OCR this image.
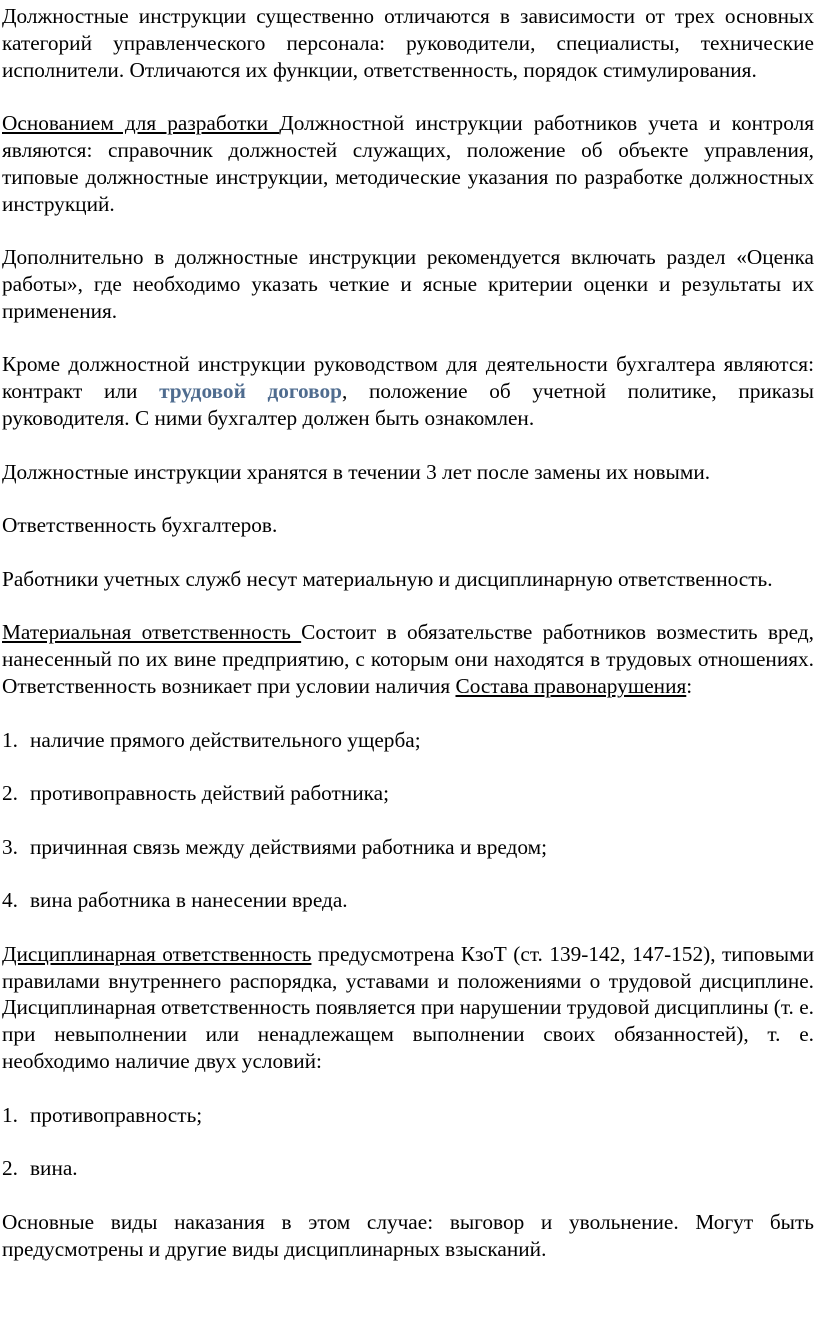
Должностные инструкции существенно отличаются в зависимости от трех основных категорий управленческого персонала: руководители, специалисты, технические исполнители. Отличаются их функции, ответственность, порядок стимулирования.

Основанием для разработки Должностной инструкции работников учета и контроля являются: справочник должностей служащих, положение об объекте управления, типовые должностные инструкции, методические указания по разработке должностных инструкций.

Дополнительно в должностные инструкции рекомендуется включать раздел «Оценка работы», где необходимо указать четкие и ясные критерии оценки и результаты их применения.

Кроме должностной инструкции руководством для деятельности бухгалтера являются: контракт или трудовой договор, положение об учетной политике, приказы руководителя. С ними бухгалтер должен быть ознакомлен.

Должностные инструкции хранятся в течении 3 лет после замены их новыми.

Ответственность бухгалтеров.

Работники учетных служб несут материальную и дисциплинарную ответственность.

Материальная ответственность Состоит в обязательстве работников возместить вред, нанесенный по их вине предприятию, с которым они находятся в трудовых отношениях. Ответственность возникает при условии наличия Состава правонарушения:

1. наличие прямого действительного ущерба;
2. противоправность действий работника;
3. причинная связь между действиями работника и вредом;
4. вина работника в нанесении вреда.

Дисциплинарная ответственность предусмотрена КзоТ (ст. 139-142, 147-152), типовыми правилами внутреннего распорядка, уставами и положениями о трудовой дисциплине. Дисциплинарная ответственность появляется при нарушении трудовой дисциплины (т. е. при невыполнении или ненадлежащем выполнении своих обязанностей), т. е. необходимо наличие двух условий:

1. противоправность;
2. вина.

Основные виды наказания в этом случае: выговор и увольнение. Могут быть предусмотрены и другие виды дисциплинарных взысканий.
